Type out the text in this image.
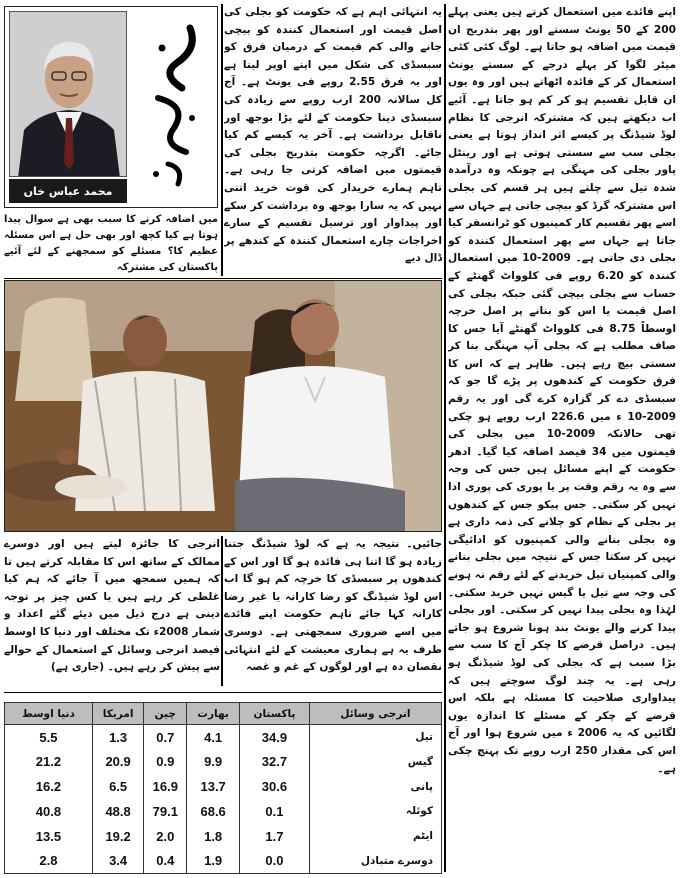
اپنے فائدے میں استعمال کرتے ہیں یعنی پہلے 200 کے 50 یونٹ سستے اور پھر بتدریج ان قیمت میں اضافہ ہو جاتا ہے۔ لوگ کئی کئی میٹر لگوا کر پہلے درجے کے سستے یونٹ استعمال کر کے فائدہ اٹھاتے ہیں اور وہ یوں ان قابل تقسیم ہو کر کم ہو جاتا ہے۔ آئیے اب دیکھتے ہیں کہ مشترکہ انرجی کا نظام لوڈ شیڈنگ پر کیسے اثر انداز ہوتا ہے یعنی بجلی سب سے سستی ہوتی ہے اور رینٹل پاور بجلی کی مہنگی ہے چونکہ وہ درآمدہ شدہ تیل سے چلتے ہیں ہر قسم کی بجلی اس مشترکہ گرڈ کو بیچی جاتی ہے جہاں سے اسے پھر تقسیم کار کمپنیوں کو ٹرانسفر کیا جاتا ہے جہاں سے پھر استعمال کنندہ کو بجلی دی جاتی ہے۔ 2009-10 میں استعمال کنندہ کو 6.20 روپے فی کلوواٹ گھنٹے کے حساب سے بجلی بیچی گئی جبکہ بجلی کی اصل قیمت یا اس کو بنانے پر اصل خرچہ اوسطاً 8.75 فی کلوواٹ گھنٹے آیا جس کا صاف مطلب ہے کہ بجلی آپ مہنگی بنا کر سستی بیچ رہے ہیں۔ ظاہر ہے کہ اس کا فرق حکومت کے کندھوں پر پڑے گا جو کہ سبسڈی دے کر گزارہ کرے گی اور یہ رقم 2009-10 ء میں 226.6 ارب روپے ہو چکی تھی حالانکہ 2009-10 میں بجلی کی قیمتوں میں 34 فیصد اضافہ کیا گیا۔ ادھر حکومت کے اپنے مسائل ہیں جس کی وجہ سے وہ یہ رقم وقت پر یا پوری کی پوری ادا نہیں کر سکتی۔ جس پیکو جس کے کندھوں پر بجلی کے نظام کو چلانے کی ذمہ داری ہے وہ بجلی بنانے والی کمپنیوں کو ادائیگی نہیں کر سکتا جس کے نتیجہ میں بجلی بنانے والی کمپنیاں تیل خریدنے کے لئے رقم نہ ہونے کی وجہ سے تیل یا گیس نہیں خرید سکتی۔ لہٰذا وہ بجلی پیدا نہیں کر سکتی۔ اور بجلی پیدا کرنے والے یونٹ بند ہونا شروع ہو جاتے ہیں۔ دراصل قرضے کا چکر آج کا سب سے بڑا سبب ہے کہ بجلی کی لوڈ شیڈنگ ہو رہی ہے۔ یہ چند لوگ سوچتے ہیں کہ پیداواری صلاحیت کا مسئلہ ہے بلکہ اس قرضے کے چکر کے مسئلے کا اندازہ یوں لگائیں کہ یہ 2006 ء میں شروع ہوا اور آج اس کی مقدار 250 ارب روپے تک پہنچ چکی ہے۔

یہ انتہائی اہم ہے کہ حکومت کو بجلی کی اصل قیمت اور استعمال کنندہ کو بیچی جانے والی کم قیمت کے درمیان فرق کو سبسڈی کی شکل میں اپنے اوپر لینا ہے اور یہ فرق 2.55 روپے فی یونٹ ہے۔ آج کل سالانہ 200 ارب روپے سے زیادہ کی سبسڈی دینا حکومت کے لئے بڑا بوجھ اور ناقابل برداشت ہے۔ آخر یہ کیسے کم کیا جائے۔ اگرچہ حکومت بتدریج بجلی کی قیمتوں میں اضافہ کرتی جا رہی ہے۔ تاہم ہمارے خریدار کی قوت خرید اتنی نہیں کہ یہ سارا بوجھ وہ برداشت کر سکے اور پیداوار اور ترسیل تقسیم کے سارے اخراجات چارے استعمال کنندہ کے کندھے پر ڈال دیے

محمد عباس خاں

میں اضافہ کرنے کا سبب بھی ہے سوال پیدا ہوتا ہے کیا کچھ اور بھی حل ہے اس مسئلہ عظیم کا؟ مسئلے کو سمجھنے کے لئے آئیے پاکستان کی مشترکہ

جائیں۔ نتیجہ یہ ہے کہ لوڈ شیڈنگ جتنا زیادہ ہو گا اتنا ہی فائدہ ہو گا اور اس کے کندھوں پر سبسڈی کا خرچہ کم ہو گا اب اس لوڈ شیڈنگ کو رضا کارانہ یا غیر رضا کارانہ کہا جائے تاہم حکومت اپنے فائدے میں اسے ضروری سمجھتی ہے۔ دوسری طرف یہ ہے ہماری معیشت کے لئے انتہائی نقصان دہ ہے اور لوگوں کے غم و غصہ

انرجی کا جائزہ لیتے ہیں اور دوسرے ممالک کے ساتھ اس کا مقابلہ کرتے ہیں تا کہ ہمیں سمجھ میں آ جائے کہ ہم کیا غلطی کر رہے ہیں یا کس چیز پر توجہ دینی ہے درج ذیل میں دیئے گئے اعداد و شمار 2008ء تک مختلف اور دنیا کا اوسط فیصد انرجی وسائل کے استعمال کے حوالے سے پیش کر رہے ہیں۔ (جاری ہے)

انرجی وسائل	پاکستان	بھارت	چین	امریکا	دنیا اوسط
تیل	34.9	4.1	0.7	1.3	5.5
گیس	32.7	9.9	0.9	20.9	21.2
پانی	30.6	13.7	16.9	6.5	16.2
کوئلہ	0.1	68.6	79.1	48.8	40.8
ایٹم	1.7	1.8	2.0	19.2	13.5
دوسرے متبادل	0.0	1.9	0.4	3.4	2.8
